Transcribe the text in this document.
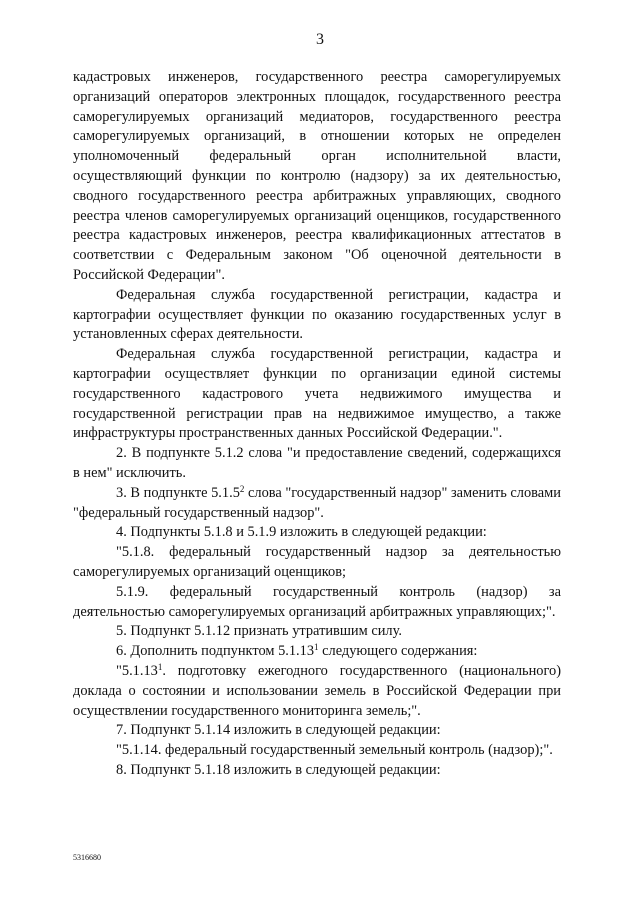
3

кадастровых инженеров, государственного реестра саморегулируемых организаций операторов электронных площадок, государственного реестра саморегулируемых организаций медиаторов, государственного реестра саморегулируемых организаций, в отношении которых не определен уполномоченный федеральный орган исполнительной власти, осуществляющий функции по контролю (надзору) за их деятельностью, сводного государственного реестра арбитражных управляющих, сводного реестра членов саморегулируемых организаций оценщиков, государственного реестра кадастровых инженеров, реестра квалификационных аттестатов в соответствии с Федеральным законом "Об оценочной деятельности в Российской Федерации".

Федеральная служба государственной регистрации, кадастра и картографии осуществляет функции по оказанию государственных услуг в установленных сферах деятельности.

Федеральная служба государственной регистрации, кадастра и картографии осуществляет функции по организации единой системы государственного кадастрового учета недвижимого имущества и государственной регистрации прав на недвижимое имущество, а также инфраструктуры пространственных данных Российской Федерации.".

2. В подпункте 5.1.2 слова "и предоставление сведений, содержащихся в нем" исключить.

3. В подпункте 5.1.5$^2$ слова "государственный надзор" заменить словами "федеральный государственный надзор".

4. Подпункты 5.1.8 и 5.1.9 изложить в следующей редакции:

"5.1.8. федеральный государственный надзор за деятельностью саморегулируемых организаций оценщиков;

5.1.9. федеральный государственный контроль (надзор) за деятельностью саморегулируемых организаций арбитражных управляющих;".

5. Подпункт 5.1.12 признать утратившим силу.

6. Дополнить подпунктом 5.1.13$^1$ следующего содержания:

"5.1.13$^1$. подготовку ежегодного государственного (национального) доклада о состоянии и использовании земель в Российской Федерации при осуществлении государственного мониторинга земель;".

7. Подпункт 5.1.14 изложить в следующей редакции:

"5.1.14. федеральный государственный земельный контроль (надзор);".

8. Подпункт 5.1.18 изложить в следующей редакции:

5316680
